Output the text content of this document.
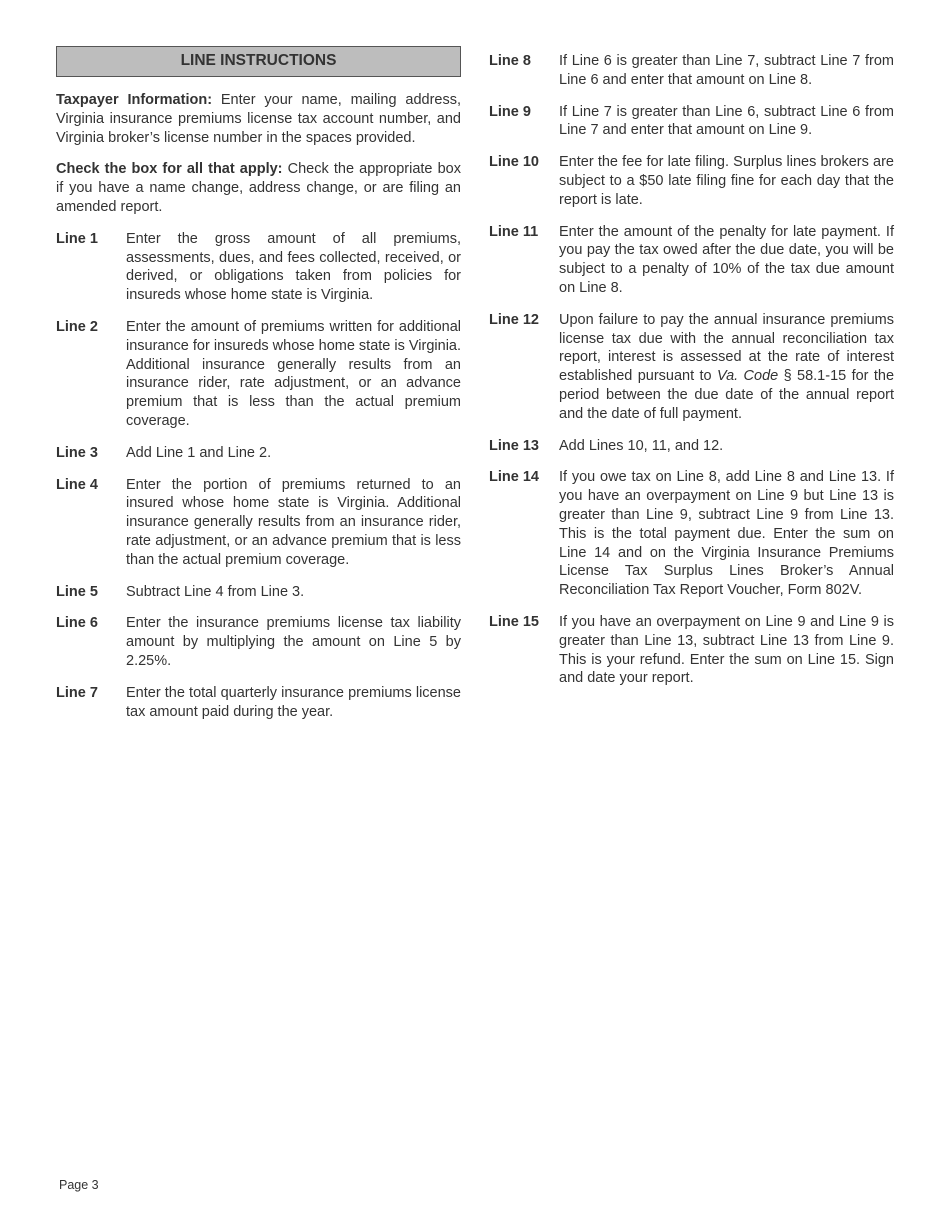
LINE INSTRUCTIONS

Taxpayer Information: Enter your name, mailing address, Virginia insurance premiums license tax account number, and Virginia broker’s license number in the spaces provided.

Check the box for all that apply: Check the appropriate box if you have a name change, address change, or are filing an amended report.

Line 1	Enter the gross amount of all premiums, assessments, dues, and fees collected, received, or derived, or obligations taken from policies for insureds whose home state is Virginia.
Line 2	Enter the amount of premiums written for additional insurance for insureds whose home state is Virginia. Additional insurance generally results from an insurance rider, rate adjustment, or an advance premium that is less than the actual premium coverage.
Line 3	Add Line 1 and Line 2.
Line 4	Enter the portion of premiums returned to an insured whose home state is Virginia. Additional insurance generally results from an insurance rider, rate adjustment, or an advance premium that is less than the actual premium coverage.
Line 5	Subtract Line 4 from Line 3.
Line 6	Enter the insurance premiums license tax liability amount by multiplying the amount on Line 5 by 2.25%.
Line 7	Enter the total quarterly insurance premiums license tax amount paid during the year.
Line 8	If Line 6 is greater than Line 7, subtract Line 7 from Line 6 and enter that amount on Line 8.
Line 9	If Line 7 is greater than Line 6, subtract Line 6 from Line 7 and enter that amount on Line 9.
Line 10	Enter the fee for late filing. Surplus lines brokers are subject to a $50 late filing fine for each day that the report is late.
Line 11	Enter the amount of the penalty for late payment. If you pay the tax owed after the due date, you will be subject to a penalty of 10% of the tax due amount on Line 8.
Line 12	Upon failure to pay the annual insurance premiums license tax due with the annual reconciliation tax report, interest is assessed at the rate of interest established pursuant to Va. Code § 58.1-15 for the period between the due date of the annual report and the date of full payment.
Line 13	Add Lines 10, 11, and 12.
Line 14	If you owe tax on Line 8, add Line 8 and Line 13. If you have an overpayment on Line 9 but Line 13 is greater than Line 9, subtract Line 9 from Line 13. This is the total payment due. Enter the sum on Line 14 and on the Virginia Insurance Premiums License Tax Surplus Lines Broker’s Annual Reconciliation Tax Report Voucher, Form 802V.
Line 15	If you have an overpayment on Line 9 and Line 9 is greater than Line 13, subtract Line 13 from Line 9. This is your refund. Enter the sum on Line 15. Sign and date your report.
Page 3
